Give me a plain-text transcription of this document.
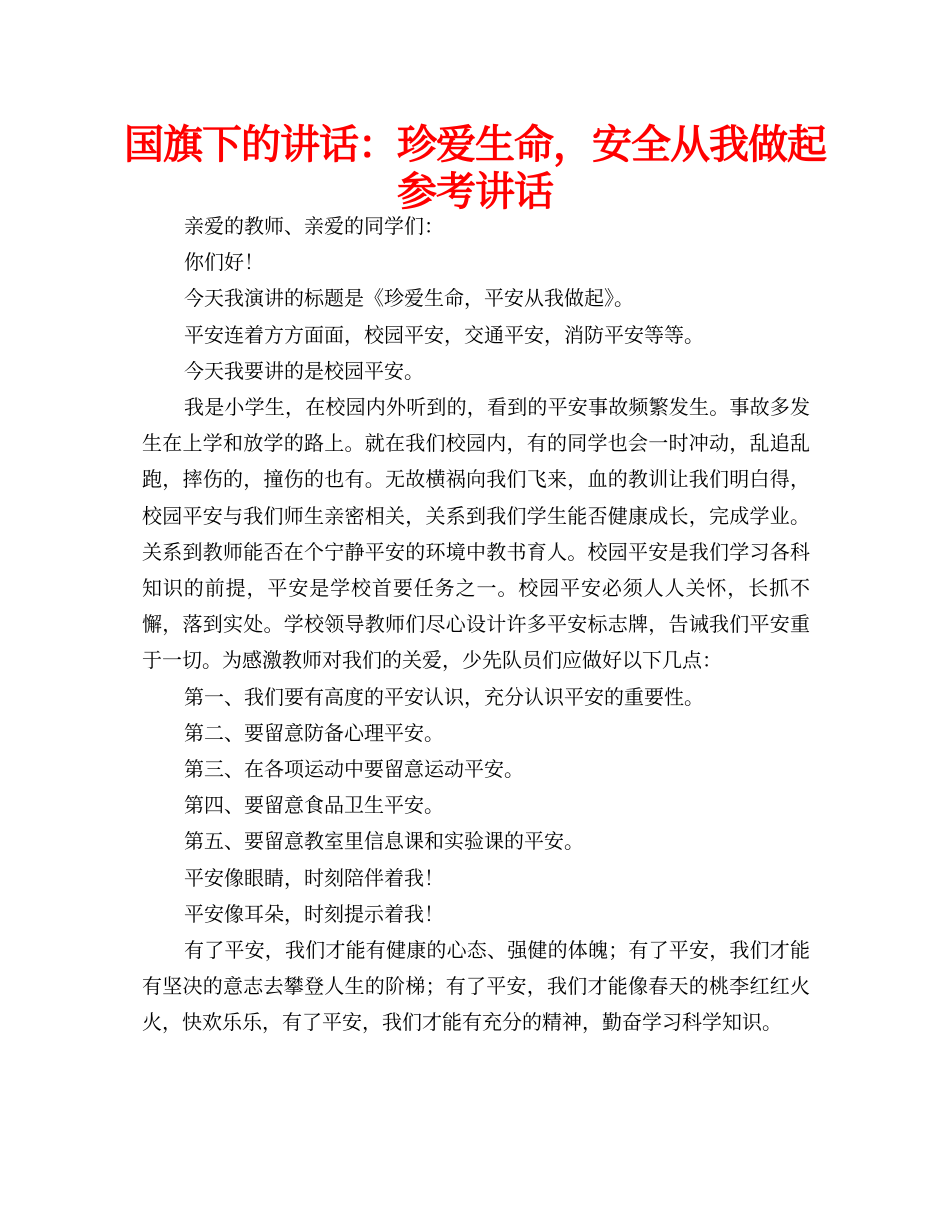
国旗下的讲话：珍爱生命，安全从我做起
参考讲话

亲爱的教师、亲爱的同学们：

你们好！

今天我演讲的标题是《珍爱生命，平安从我做起》。

平安连着方方面面，校园平安，交通平安，消防平安等等。

今天我要讲的是校园平安。

我是小学生，在校园内外听到的，看到的平安事故频繁发生。事故多发生在上学和放学的路上。就在我们校园内，有的同学也会一时冲动，乱追乱跑，摔伤的，撞伤的也有。无故横祸向我们飞来，血的教训让我们明白得，校园平安与我们师生亲密相关，关系到我们学生能否健康成长，完成学业。关系到教师能否在个宁静平安的环境中教书育人。校园平安是我们学习各科知识的前提，平安是学校首要任务之一。校园平安必须人人关怀，长抓不懈，落到实处。学校领导教师们尽心设计许多平安标志牌，告诫我们平安重于一切。为感激教师对我们的关爱，少先队员们应做好以下几点：

第一、我们要有高度的平安认识，充分认识平安的重要性。

第二、要留意防备心理平安。

第三、在各项运动中要留意运动平安。

第四、要留意食品卫生平安。

第五、要留意教室里信息课和实验课的平安。

平安像眼睛，时刻陪伴着我！

平安像耳朵，时刻提示着我！

有了平安，我们才能有健康的心态、强健的体魄；有了平安，我们才能有坚决的意志去攀登人生的阶梯；有了平安，我们才能像春天的桃李红红火火，快欢乐乐，有了平安，我们才能有充分的精神，勤奋学习科学知识。
